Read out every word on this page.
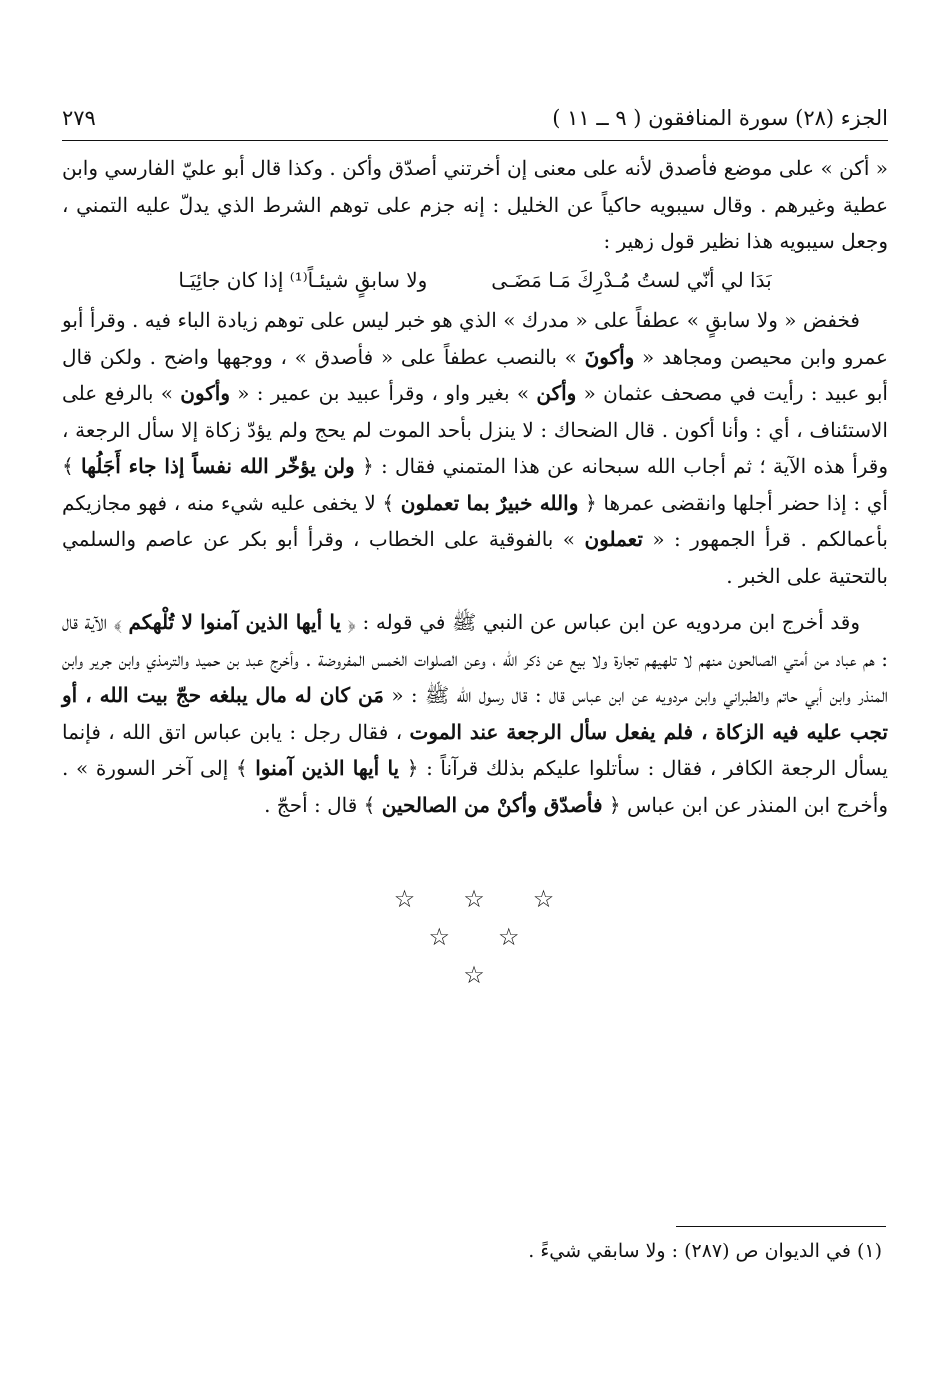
الجزء (٢٨) سورة المنافقون ( ٩ ــ ١١ )
٢٧٩

« أكن » على موضع فأصدق لأنه على معنى إن أخرتني أصدّق وأكن . وكذا قال أبو عليّ الفارسي وابن عطية وغيرهم . وقال سيبويه حاكياً عن الخليل : إنه جزم على توهم الشرط الذي يدلّ عليه التمني ، وجعل سيبويه هذا نظير قول زهير :

بَدَا لي أنّي لستُ مُـدْرِكَ مَـا مَضَـىولا سابقٍ شيئـاً⁽¹⁾ إذا كان جائِيَـا

فخفض « ولا سابقٍ » عطفاً على « مدرك » الذي هو خبر ليس على توهم زيادة الباء فيه . وقرأ أبو عمرو وابن محيصن ومجاهد « وأكونَ » بالنصب عطفاً على « فأصدق » ، ووجهها واضح . ولكن قال أبو عبيد : رأيت في مصحف عثمان « وأكن » بغير واو ، وقرأ عبيد بن عمير : « وأكون » بالرفع على الاستئناف ، أي : وأنا أكون . قال الضحاك : لا ينزل بأحد الموت لم يحج ولم يؤدّ زكاة إلا سأل الرجعة ، وقرأ هذه الآية ؛ ثم أجاب الله سبحانه عن هذا المتمني فقال : ﴿ ولن يؤخّر الله نفساً إذا جاء أَجَلُها ﴾ أي : إذا حضر أجلها وانقضى عمرها ﴿ والله خبيرٌ بما تعملون ﴾ لا يخفى عليه شيء منه ، فهو مجازيكم بأعمالكم . قرأ الجمهور : « تعملون » بالفوقية على الخطاب ، وقرأ أبو بكر عن عاصم والسلمي بالتحتية على الخبر .

وقد أخرج ابن مردويه عن ابن عباس عن النبي ﷺ في قوله : ﴿ يا أيها الذين آمنوا لا تُلْهكم ﴾ الآية قال : هم عباد من أمتي الصالحون منهم لا تلهيهم تجارة ولا بيع عن ذكر الله ، وعن الصلوات الخمس المفروضة . وأخرج عبد بن حميد والترمذي وابن جرير وابن المنذر وابن أبي حاتم والطبراني وابن مردويه عن ابن عباس قال : قال رسول الله ﷺ : « مَن كان له مال يبلغه حجّ بيت الله ، أو تجب عليه فيه الزكاة ، فلم يفعل سأل الرجعة عند الموت ، فقال رجل : يابن عباس اتق الله ، فإنما يسأل الرجعة الكافر ، فقال : سأتلوا عليكم بذلك قرآناً : ﴿ يا أيها الذين آمنوا ﴾ إلى آخر السورة » . وأخرج ابن المنذر عن ابن عباس ﴿ فأصدّق وأكنْ من الصالحين ﴾ قال : أحجّ .

☆ ☆ ☆
☆ ☆
☆
(١) في الديوان ص (٢٨٧) : ولا سابقي شيءً .
